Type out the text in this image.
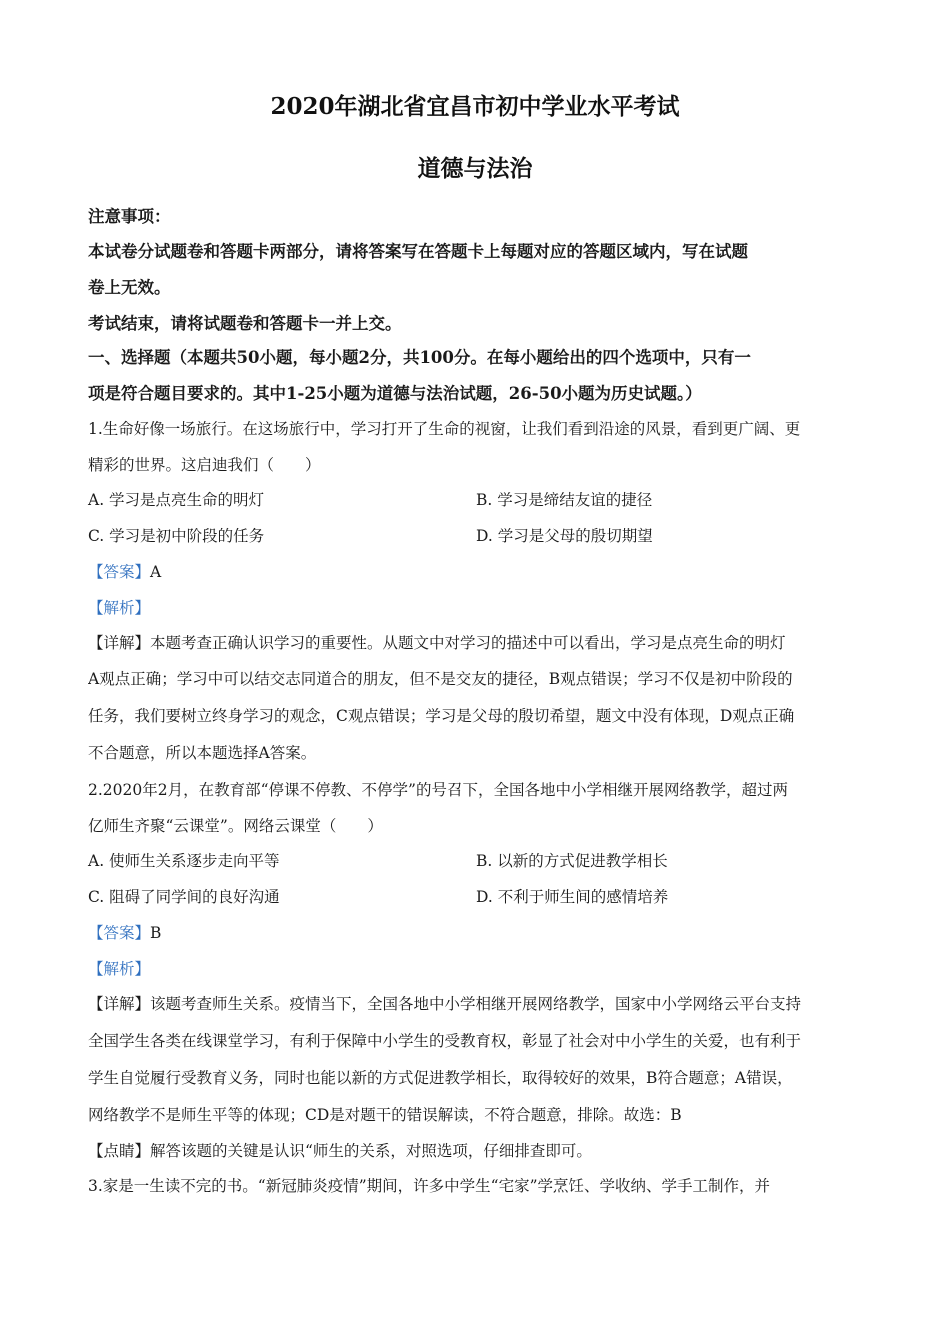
2020年湖北省宜昌市初中学业水平考试
道德与法治
注意事项：
本试卷分试题卷和答题卡两部分，请将答案写在答题卡上每题对应的答题区域内，写在试题
卷上无效。
考试结束，请将试题卷和答题卡一并上交。
一、选择题（本题共50小题，每小题2分，共100分。在每小题给出的四个选项中，只有一
项是符合题目要求的。其中1-25小题为道德与法治试题，26-50小题为历史试题。）
1.生命好像一场旅行。在这场旅行中，学习打开了生命的视窗，让我们看到沿途的风景，看到更广阔、更
精彩的世界。这启迪我们（　　）
A. 学习是点亮生命的明灯	B. 学习是缔结友谊的捷径
C. 学习是初中阶段的任务	D. 学习是父母的殷切期望
【答案】A
【解析】
【详解】本题考查正确认识学习的重要性。从题文中对学习的描述中可以看出，学习是点亮生命的明灯
A观点正确；学习中可以结交志同道合的朋友，但不是交友的捷径，B观点错误；学习不仅是初中阶段的
任务，我们要树立终身学习的观念，C观点错误；学习是父母的殷切希望，题文中没有体现，D观点正确
不合题意，所以本题选择A答案。
2.2020年2月，在教育部“停课不停教、不停学”的号召下，全国各地中小学相继开展网络教学，超过两
亿师生齐聚“云课堂”。网络云课堂（　　）
A. 使师生关系逐步走向平等	B. 以新的方式促进教学相长
C. 阻碍了同学间的良好沟通	D. 不利于师生间的感情培养
【答案】B
【解析】
【详解】该题考查师生关系。疫情当下，全国各地中小学相继开展网络教学，国家中小学网络云平台支持
全国学生各类在线课堂学习，有利于保障中小学生的受教育权，彰显了社会对中小学生的关爱，也有利于
学生自觉履行受教育义务，同时也能以新的方式促进教学相长，取得较好的效果，B符合题意；A错误，
网络教学不是师生平等的体现；CD是对题干的错误解读，不符合题意，排除。故选：B
【点睛】解答该题的关键是认识“师生的关系，对照选项，仔细排查即可。
3.家是一生读不完的书。“新冠肺炎疫情”期间，许多中学生“宅家”学烹饪、学收纳、学手工制作，并
